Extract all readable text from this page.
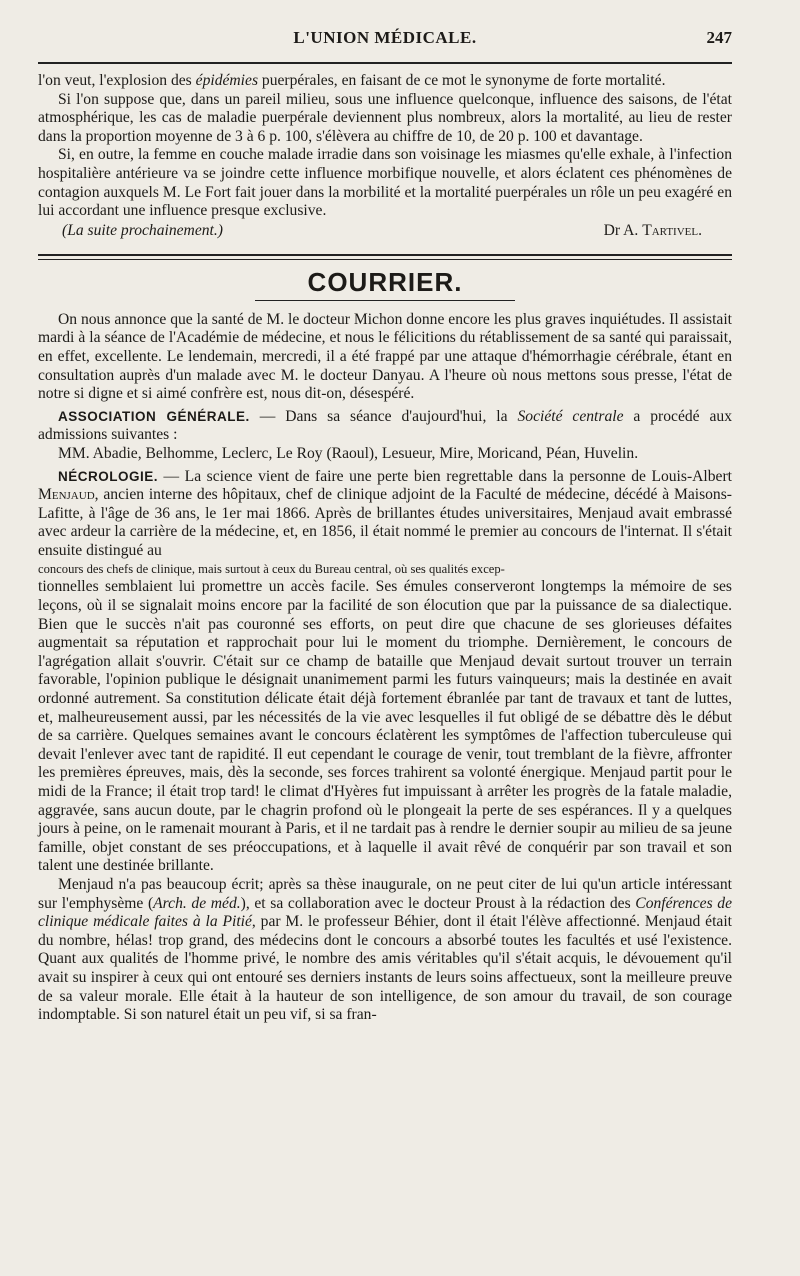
L'UNION MÉDICALE.	247

l'on veut, l'explosion des épidémies puerpérales, en faisant de ce mot le synonyme de forte mortalité.

Si l'on suppose que, dans un pareil milieu, sous une influence quelconque, influence des saisons, de l'état atmosphérique, les cas de maladie puerpérale deviennent plus nombreux, alors la mortalité, au lieu de rester dans la proportion moyenne de 3 à 6 p. 100, s'élèvera au chiffre de 10, de 20 p. 100 et davantage.

Si, en outre, la femme en couche malade irradie dans son voisinage les miasmes qu'elle exhale, à l'infection hospitalière antérieure va se joindre cette influence morbifique nouvelle, et alors éclatent ces phénomènes de contagion auxquels M. Le Fort fait jouer dans la morbilité et la mortalité puerpérales un rôle un peu exagéré en lui accordant une influence presque exclusive.

(La suite prochainement.)	Dr A. Tartivel.
COURRIER.

On nous annonce que la santé de M. le docteur Michon donne encore les plus graves inquiétudes. Il assistait mardi à la séance de l'Académie de médecine, et nous le félicitions du rétablissement de sa santé qui paraissait, en effet, excellente. Le lendemain, mercredi, il a été frappé par une attaque d'hémorrhagie cérébrale, étant en consultation auprès d'un malade avec M. le docteur Danyau. A l'heure où nous mettons sous presse, l'état de notre si digne et si aimé confrère est, nous dit-on, désespéré.

ASSOCIATION GÉNÉRALE. — Dans sa séance d'aujourd'hui, la Société centrale a procédé aux admissions suivantes :

MM. Abadie, Belhomme, Leclerc, Le Roy (Raoul), Lesueur, Mire, Moricand, Péan, Huvelin.

NÉCROLOGIE. — La science vient de faire une perte bien regrettable dans la personne de Louis-Albert Menjaud, ancien interne des hôpitaux, chef de clinique adjoint de la Faculté de médecine, décédé à Maisons-Lafitte, à l'âge de 36 ans, le 1er mai 1866. Après de brillantes études universitaires, Menjaud avait embrassé avec ardeur la carrière de la médecine, et, en 1856, il était nommé le premier au concours de l'internat. Il s'était ensuite distingué au

concours des chefs de clinique, mais surtout à ceux du Bureau central, où ses qualités excep-

tionnelles semblaient lui promettre un accès facile. Ses émules conserveront longtemps la mémoire de ses leçons, où il se signalait moins encore par la facilité de son élocution que par la puissance de sa dialectique. Bien que le succès n'ait pas couronné ses efforts, on peut dire que chacune de ses glorieuses défaites augmentait sa réputation et rapprochait pour lui le moment du triomphe. Dernièrement, le concours de l'agrégation allait s'ouvrir. C'était sur ce champ de bataille que Menjaud devait surtout trouver un terrain favorable, l'opinion publique le désignait unanimement parmi les futurs vainqueurs; mais la destinée en avait ordonné autrement. Sa constitution délicate était déjà fortement ébranlée par tant de travaux et tant de luttes, et, malheureusement aussi, par les nécessités de la vie avec lesquelles il fut obligé de se débattre dès le début de sa carrière. Quelques semaines avant le concours éclatèrent les symptômes de l'affection tuberculeuse qui devait l'enlever avec tant de rapidité. Il eut cependant le courage de venir, tout tremblant de la fièvre, affronter les premières épreuves, mais, dès la seconde, ses forces trahirent sa volonté énergique. Menjaud partit pour le midi de la France; il était trop tard! le climat d'Hyères fut impuissant à arrêter les progrès de la fatale maladie, aggravée, sans aucun doute, par le chagrin profond où le plongeait la perte de ses espérances. Il y a quelques jours à peine, on le ramenait mourant à Paris, et il ne tardait pas à rendre le dernier soupir au milieu de sa jeune famille, objet constant de ses préoccupations, et à laquelle il avait rêvé de conquérir par son travail et son talent une destinée brillante.

Menjaud n'a pas beaucoup écrit; après sa thèse inaugurale, on ne peut citer de lui qu'un article intéressant sur l'emphysème (Arch. de méd.), et sa collaboration avec le docteur Proust à la rédaction des Conférences de clinique médicale faites à la Pitié, par M. le professeur Béhier, dont il était l'élève affectionné. Menjaud était du nombre, hélas! trop grand, des médecins dont le concours a absorbé toutes les facultés et usé l'existence. Quant aux qualités de l'homme privé, le nombre des amis véritables qu'il s'était acquis, le dévouement qu'il avait su inspirer à ceux qui ont entouré ses derniers instants de leurs soins affectueux, sont la meilleure preuve de sa valeur morale. Elle était à la hauteur de son intelligence, de son amour du travail, de son courage indomptable. Si son naturel était un peu vif, si sa fran-
